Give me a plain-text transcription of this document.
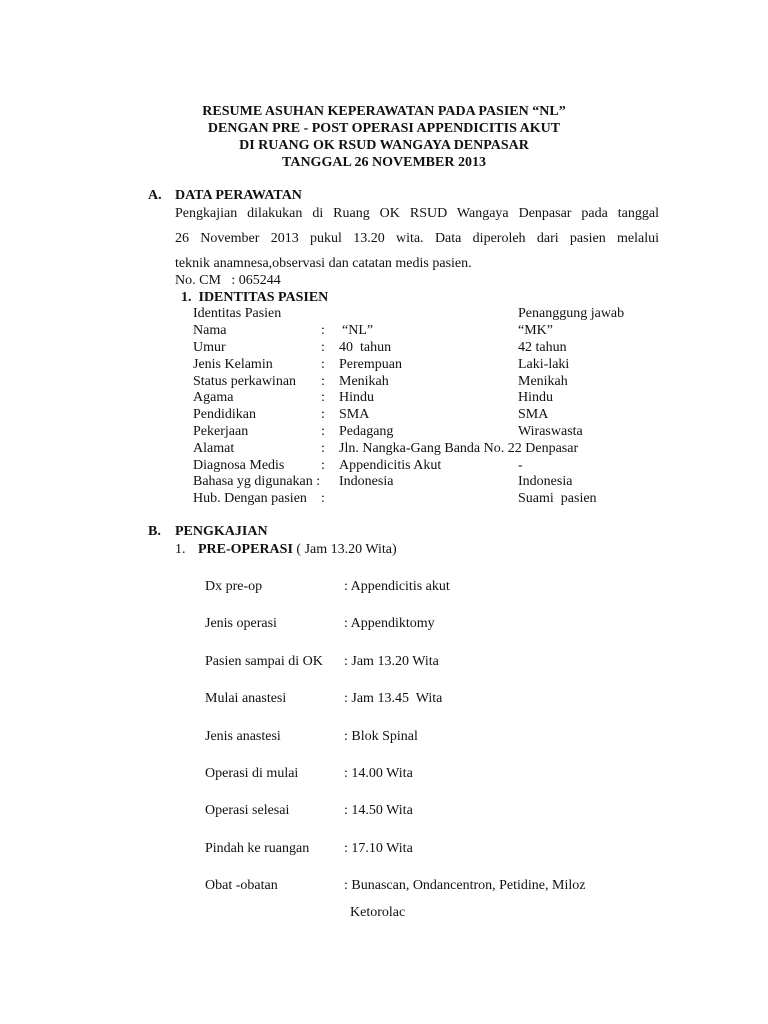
RESUME ASUHAN KEPERAWATAN PADA PASIEN “NL”
DENGAN PRE - POST OPERASI APPENDICITIS AKUT
DI RUANG OK RSUD WANGAYA DENPASAR
TANGGAL 26 NOVEMBER 2013
A. DATA PERAWATAN
Pengkajian dilakukan di Ruang OK RSUD Wangaya Denpasar pada tanggal
26 November 2013 pukul 13.20 wita. Data diperoleh dari pasien melalui
teknik anamnesa,observasi dan catatan medis pasien.
No. CM   : 065244
1.  IDENTITAS PASIEN
Identitas Pasien	Penanggung jawab
Nama	: “NL”	“MK”
Umur	: 40  tahun	42 tahun
Jenis Kelamin	: Perempuan	Laki-laki
Status perkawinan : Menikah	Menikah
Agama	: Hindu	Hindu
Pendidikan	: SMA	SMA
Pekerjaan	: Pedagang	Wiraswasta
Alamat	: Jln. Nangka-Gang Banda No. 22 Denpasar
Diagnosa Medis	: Appendicitis Akut	-
Bahasa yg digunakan : Indonesia	Indonesia
Hub. Dengan pasien :	Suami  pasien
B. PENGKAJIAN
1. PRE-OPERASI ( Jam 13.20 Wita)
Dx pre-op	: Appendicitis akut
Jenis operasi	: Appendiktomy
Pasien sampai di OK : Jam 13.20 Wita
Mulai anastesi	: Jam 13.45  Wita
Jenis anastesi	: Blok Spinal
Operasi di mulai	: 14.00 Wita
Operasi selesai	: 14.50 Wita
Pindah ke ruangan : 17.10 Wita
Obat -obatan	: Bunascan, Ondancentron, Petidine, Miloz
Ketorolac
